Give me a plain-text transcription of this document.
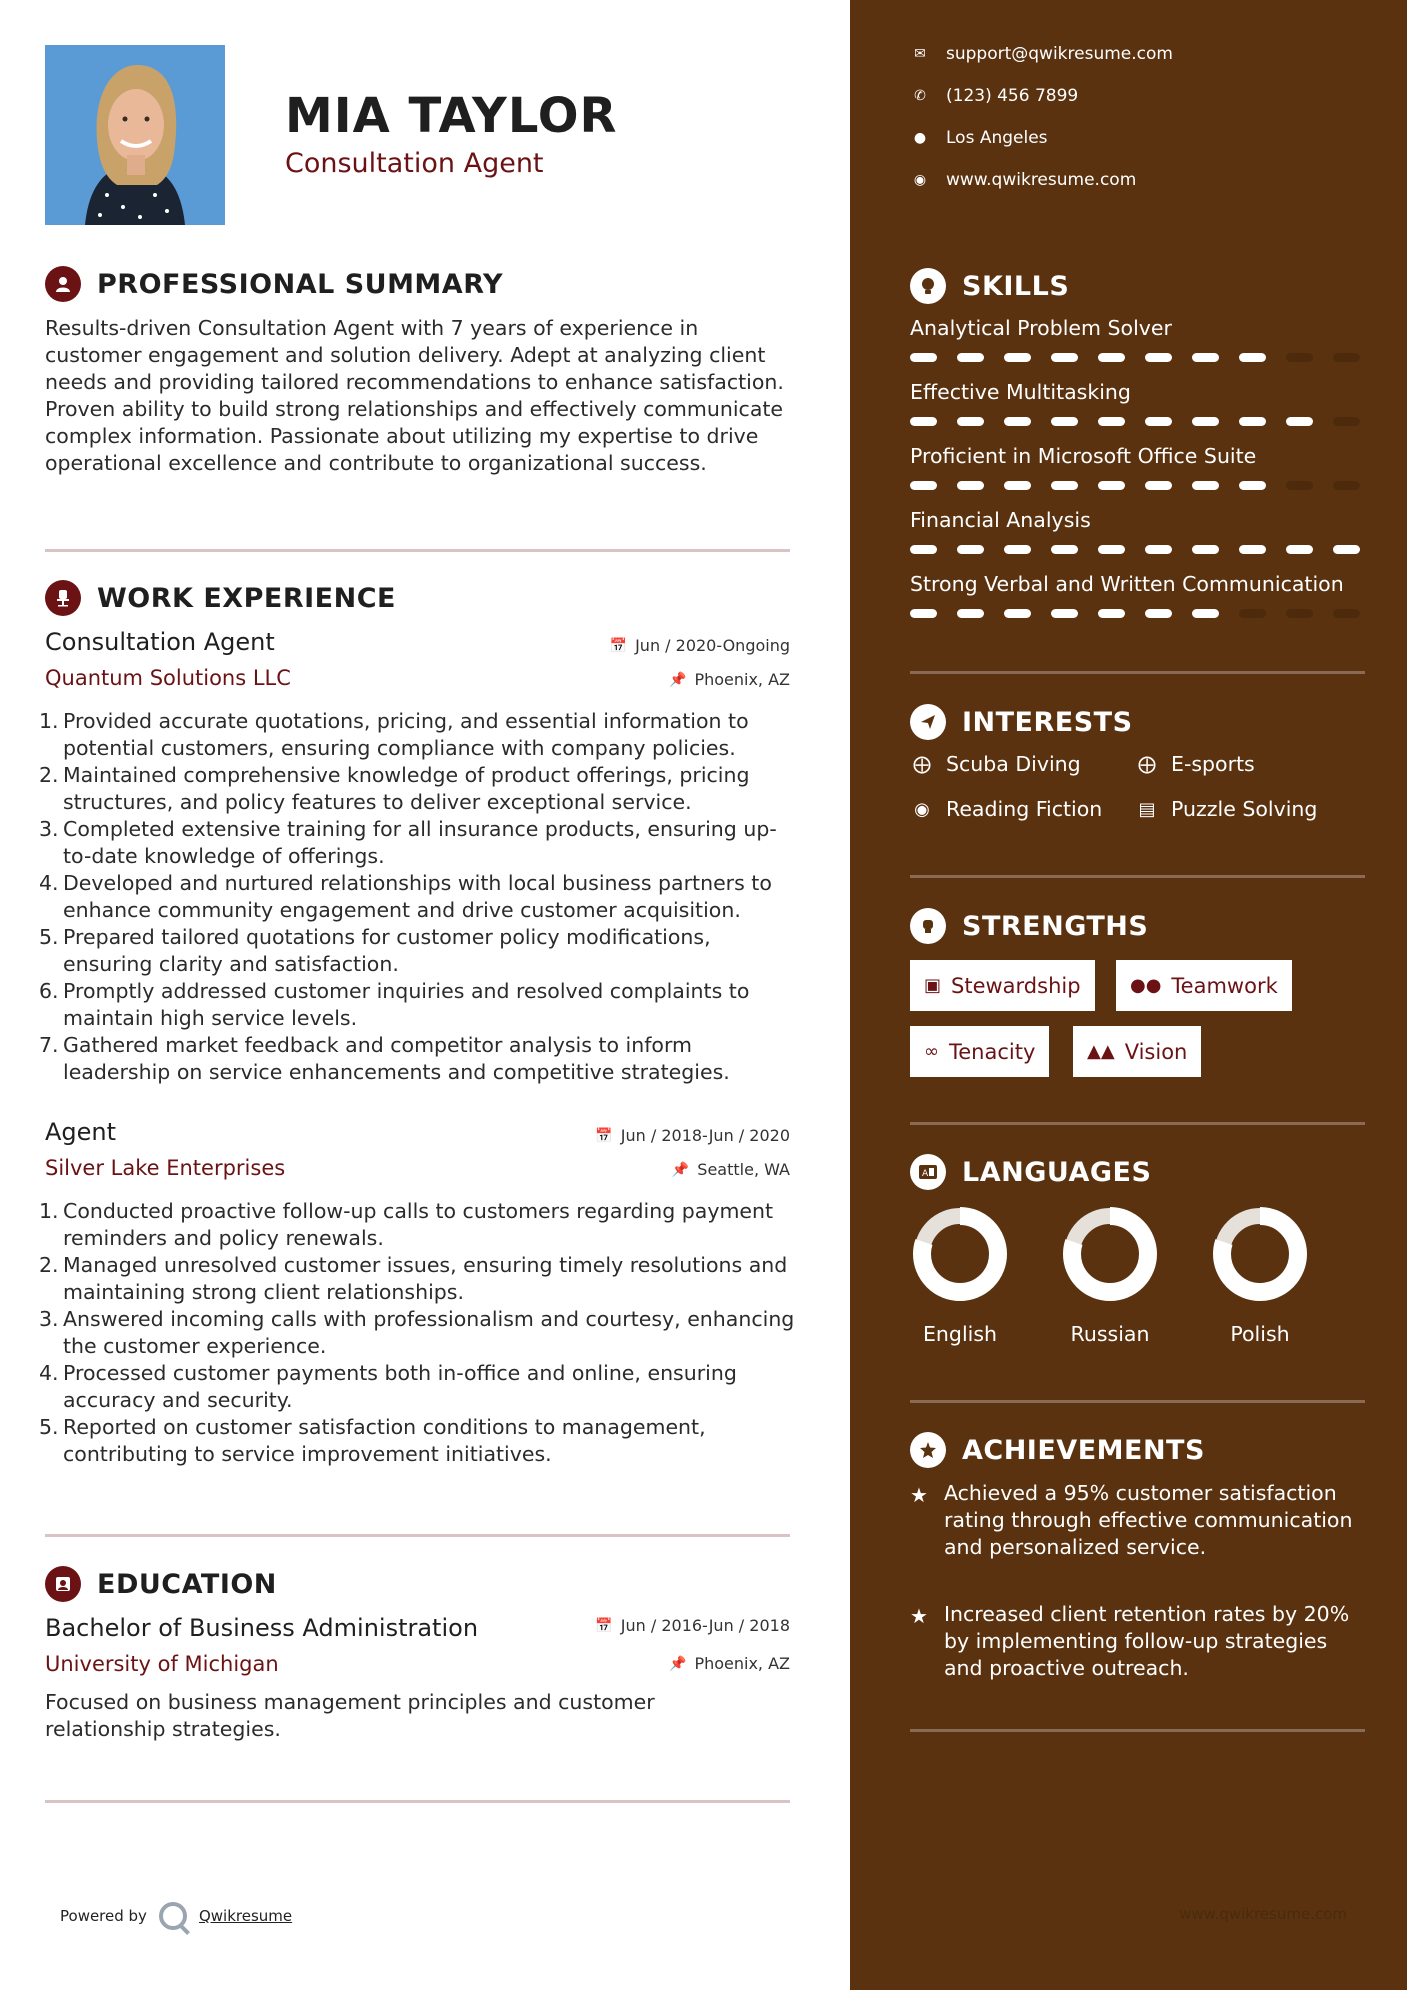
MIA TAYLOR
Consultation Agent
PROFESSIONAL SUMMARY
Results-driven Consultation Agent with 7 years of experience in customer engagement and solution delivery. Adept at analyzing client needs and providing tailored recommendations to enhance satisfaction. Proven ability to build strong relationships and effectively communicate complex information. Passionate about utilizing my expertise to drive operational excellence and contribute to organizational success.
WORK EXPERIENCE
Consultation Agent	📅 Jun / 2020-Ongoing
Quantum Solutions LLC	📌 Phoenix, AZ
Provided accurate quotations, pricing, and essential information to potential customers, ensuring compliance with company policies.
Maintained comprehensive knowledge of product offerings, pricing structures, and policy features to deliver exceptional service.
Completed extensive training for all insurance products, ensuring up-to-date knowledge of offerings.
Developed and nurtured relationships with local business partners to enhance community engagement and drive customer acquisition.
Prepared tailored quotations for customer policy modifications, ensuring clarity and satisfaction.
Promptly addressed customer inquiries and resolved complaints to maintain high service levels.
Gathered market feedback and competitor analysis to inform leadership on service enhancements and competitive strategies.
Agent	📅 Jun / 2018-Jun / 2020
Silver Lake Enterprises	📌 Seattle, WA
Conducted proactive follow-up calls to customers regarding payment reminders and policy renewals.
Managed unresolved customer issues, ensuring timely resolutions and maintaining strong client relationships.
Answered incoming calls with professionalism and courtesy, enhancing the customer experience.
Processed customer payments both in-office and online, ensuring accuracy and security.
Reported on customer satisfaction conditions to management, contributing to service improvement initiatives.
EDUCATION
Bachelor of Business Administration	📅 Jun / 2016-Jun / 2018
University of Michigan	📌 Phoenix, AZ
Focused on business management principles and customer relationship strategies.
Powered by	Qwikresume
✉ support@qwikresume.com
✆ (123) 456 7899
● Los Angeles
◉ www.qwikresume.com
SKILLS
Analytical Problem Solver
Effective Multitasking
Proficient in Microsoft Office Suite
Financial Analysis
Strong Verbal and Written Communication
INTERESTS
⨁ Scuba Diving	⨁ E-sports
◉ Reading Fiction ▤ Puzzle Solving
STRENGTHS
▣ Stewardship	●● Teamwork
∞ Tenacity	▲▲ Vision
A LANGUAGES
English	Russian	Polish
ACHIEVEMENTS
★ Achieved a 95% customer satisfaction rating through effective communication and personalized service.
★ Increased client retention rates by 20% by implementing follow-up strategies and proactive outreach.
www.qwikresume.com
